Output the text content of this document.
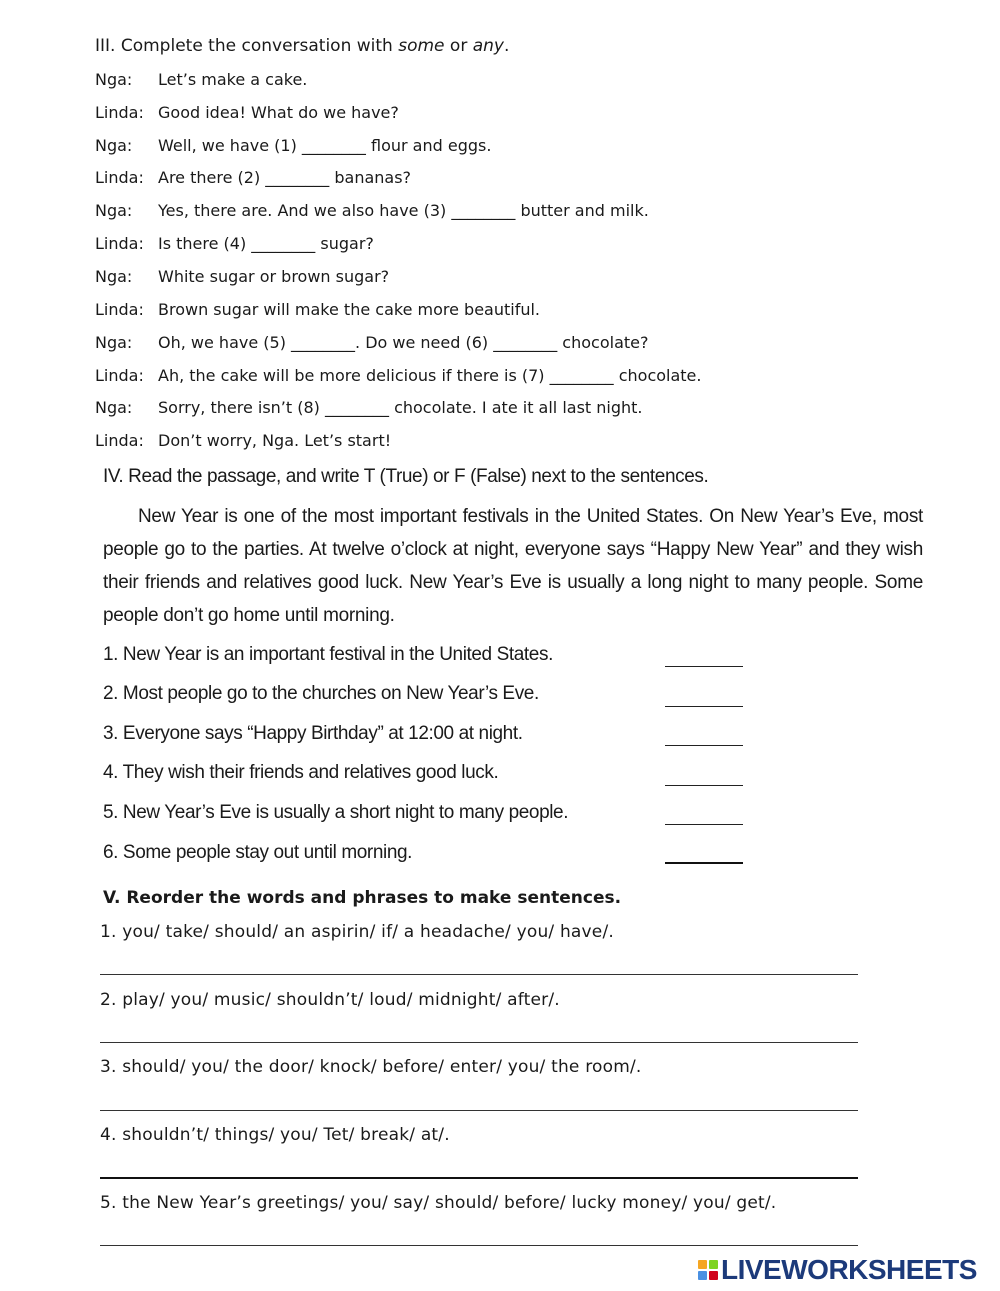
III. Complete the conversation with some or any.
Nga: Let’s make a cake.
Linda: Good idea! What do we have?
Nga: Well, we have (1) ________ flour and eggs.
Linda: Are there (2) ________ bananas?
Nga: Yes, there are. And we also have (3) ________ butter and milk.
Linda: Is there (4) ________ sugar?
Nga: White sugar or brown sugar?
Linda: Brown sugar will make the cake more beautiful.
Nga: Oh, we have (5) ________. Do we need (6) ________ chocolate?
Linda: Ah, the cake will be more delicious if there is (7) ________ chocolate.
Nga: Sorry, there isn’t (8) ________ chocolate. I ate it all last night.
Linda: Don’t worry, Nga. Let’s start!
IV. Read the passage, and write T (True) or F (False) next to the sentences.
New Year is one of the most important festivals in the United States. On New Year’s Eve, most people go to the parties. At twelve o’clock at night, everyone says “Happy New Year” and they wish their friends and relatives good luck. New Year’s Eve is usually a long night to many people. Some people don’t go home until morning.
1. New Year is an important festival in the United States.
2. Most people go to the churches on New Year’s Eve.
3. Everyone says “Happy Birthday” at 12:00 at night.
4. They wish their friends and relatives good luck.
5. New Year’s Eve is usually a short night to many people.
6. Some people stay out until morning.
V. Reorder the words and phrases to make sentences.
1. you/ take/ should/ an aspirin/ if/ a headache/ you/ have/.
2. play/ you/ music/ shouldn’t/ loud/ midnight/ after/.
3. should/ you/ the door/ knock/ before/ enter/ you/ the room/.
4. shouldn’t/ things/ you/ Tet/ break/ at/.
5. the New Year’s greetings/ you/ say/ should/ before/ lucky money/ you/ get/.
LIVEWORKSHEETS
